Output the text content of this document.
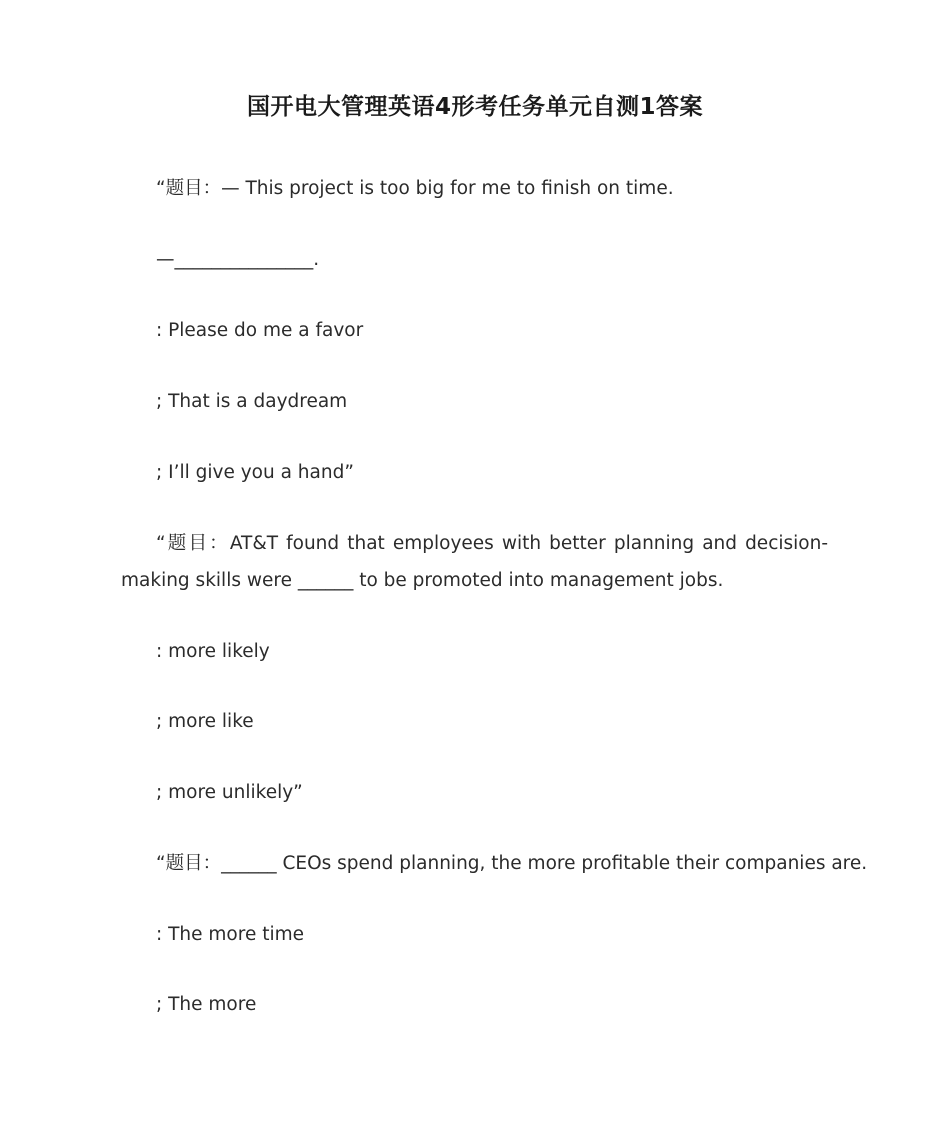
国开电大管理英语4形考任务单元自测1答案

“题目：— This project is too big for me to finish on time.

—_______________.

: Please do me a favor

; That is a daydream

; I’ll give you a hand”

“题目：AT&T found that employees with better planning and decision-

making skills were ______ to be promoted into management jobs.

: more likely

; more like

; more unlikely”

“题目：______ CEOs spend planning, the more profitable their companies are.

: The more time

; The more
